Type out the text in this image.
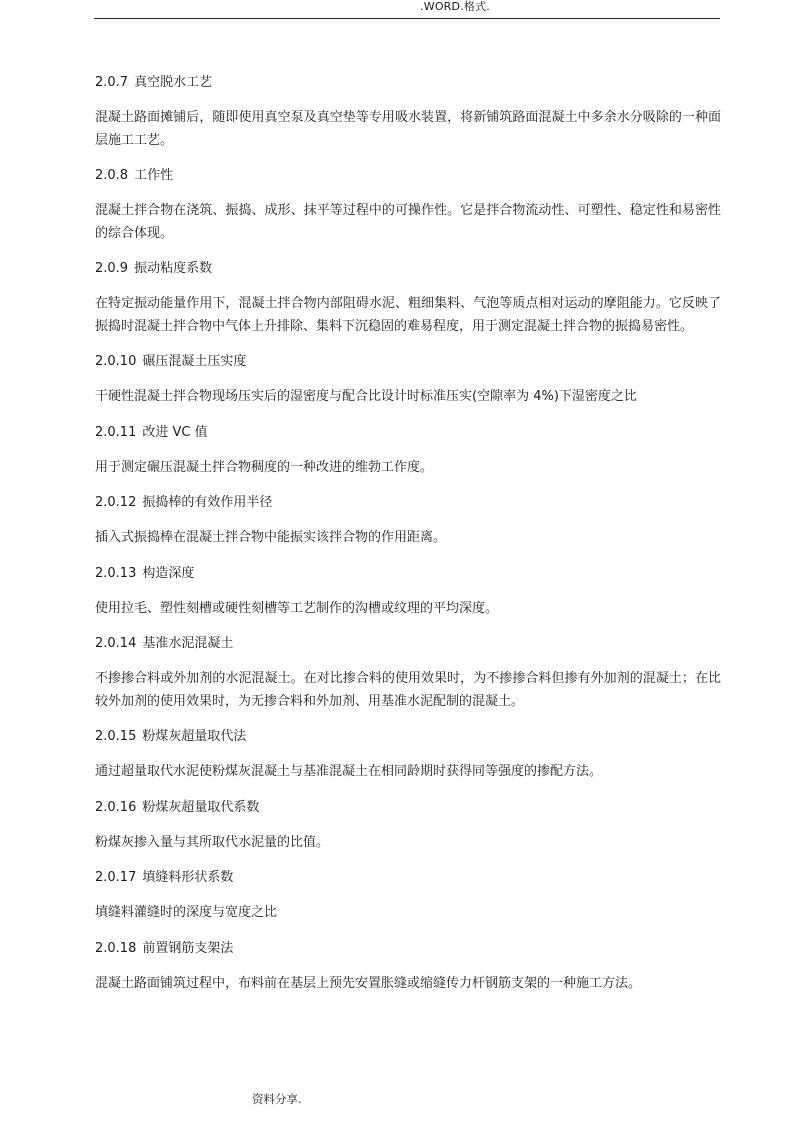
.WORD.格式.
2.0.7 真空脱水工艺

混凝土路面摊铺后，随即使用真空泵及真空垫等专用吸水装置，将新铺筑路面混凝土中多余水分吸除的一种面层施工工艺。

2.0.8 工作性

混凝土拌合物在浇筑、振捣、成形、抹平等过程中的可操作性。它是拌合物流动性、可塑性、稳定性和易密性的综合体现。

2.0.9 振动粘度系数

在特定振动能量作用下，混凝土拌合物内部阻碍水泥、粗细集料、气泡等质点相对运动的摩阻能力。它反映了振捣时混凝土拌合物中气体上升排除、集料下沉稳固的难易程度，用于测定混凝土拌合物的振捣易密性。

2.0.10 碾压混凝土压实度

干硬性混凝土拌合物现场压实后的湿密度与配合比设计时标准压实(空隙率为 4%)下湿密度之比

2.0.11 改进 VC 值

用于测定碾压混凝土拌合物稠度的一种改进的维勃工作度。

2.0.12 振捣棒的有效作用半径

插入式振捣棒在混凝土拌合物中能振实该拌合物的作用距离。

2.0.13 构造深度

使用拉毛、塑性刻槽或硬性刻槽等工艺制作的沟槽或纹理的平均深度。

2.0.14 基准水泥混凝土

不掺掺合料或外加剂的水泥混凝土。在对比掺合料的使用效果时，为不掺掺合料但掺有外加剂的混凝土；在比较外加剂的使用效果时，为无掺合料和外加剂、用基准水泥配制的混凝土。

2.0.15 粉煤灰超量取代法

通过超量取代水泥使粉煤灰混凝土与基准混凝土在相同龄期时获得同等强度的掺配方法。

2.0.16 粉煤灰超量取代系数

粉煤灰掺入量与其所取代水泥量的比值。

2.0.17 填缝料形状系数

填缝料灌缝时的深度与宽度之比

2.0.18 前置钢筋支架法

混凝土路面铺筑过程中，布料前在基层上预先安置胀缝或缩缝传力杆钢筋支架的一种施工方法。

资料分享.
